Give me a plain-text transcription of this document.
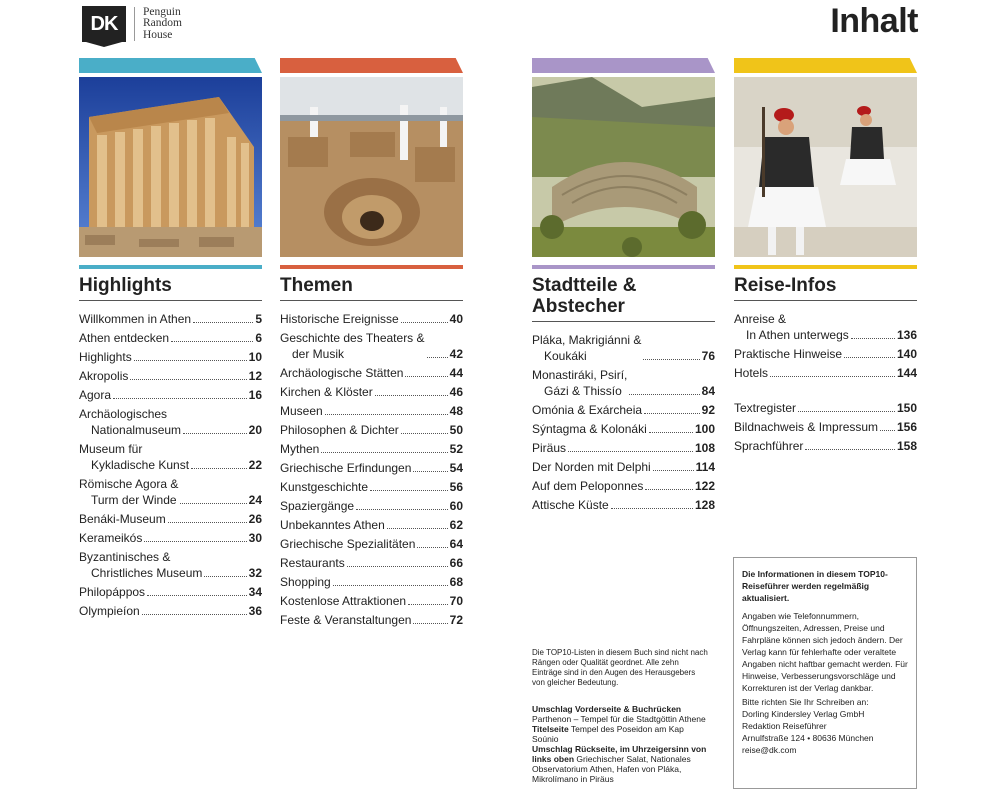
DK
Penguin
Random
House	Inhalt
Highlights
Willkommen in Athen	5
Athen entdecken	6
Highlights	10
Akropolis	12
Agora	16
Archäologisches
Nationalmuseum	20
Museum für
Kykladische Kunst	22
Römische Agora &
Turm der Winde	24
Benáki-Museum	26
Kerameikós	30
Byzantinisches &
Christliches Museum	32
Philopáppos	34
Olympieíon	36
Themen
Historische Ereignisse	40
Geschichte des Theaters &
der Musik	42
Archäologische Stätten	44
Kirchen & Klöster	46
Museen	48
Philosophen & Dichter	50
Mythen	52
Griechische Erfindungen	54
Kunstgeschichte	56
Spaziergänge	60
Unbekanntes Athen	62
Griechische Spezialitäten	64
Restaurants	66
Shopping	68
Kostenlose Attraktionen	70
Feste & Veranstaltungen	72
Stadtteile &
Abstecher
Pláka, Makrigiánni &
Koukáki	76
Monastiráki, Psirí,
Gázi & Thissío	84
Omónia & Exárcheia	92
Sýntagma & Kolonáki	100
Piräus	108
Der Norden mit Delphi	114
Auf dem Peloponnes	122
Attische Küste	128
Reise-Infos
Anreise &
In Athen unterwegs	136
Praktische Hinweise	140
Hotels	144
Textregister	150
Bildnachweis & Impressum 156
Sprachführer	158

Die TOP10-Listen in diesem Buch sind nicht nach Rängen oder Qualität geordnet. Alle zehn Einträge sind in den Augen des Herausgebers von gleicher Bedeutung.

Umschlag Vorderseite & Buchrücken
Parthenon – Tempel für die Stadtgöttin Athene
Titelseite Tempel des Poseidon am Kap Soúnio
Umschlag Rückseite, im Uhrzeigersinn von links oben Griechischer Salat, Nationales Observatorium Athen, Hafen von Pláka, Mikrolímano in Piräus
Die Informationen in diesem TOP10-Reiseführer werden regelmäßig aktualisiert.

Angaben wie Telefonnummern, Öffnungszeiten, Adressen, Preise und Fahrpläne können sich jedoch ändern. Der Verlag kann für fehlerhafte oder veraltete Angaben nicht haftbar gemacht werden. Für Hinweise, Verbesserungsvorschläge und Korrekturen ist der Verlag dankbar.

Bitte richten Sie Ihr Schreiben an:

Dorling Kindersley Verlag GmbH

Redaktion Reiseführer

Arnulfstraße 124 • 80636 München

reise@dk.com
